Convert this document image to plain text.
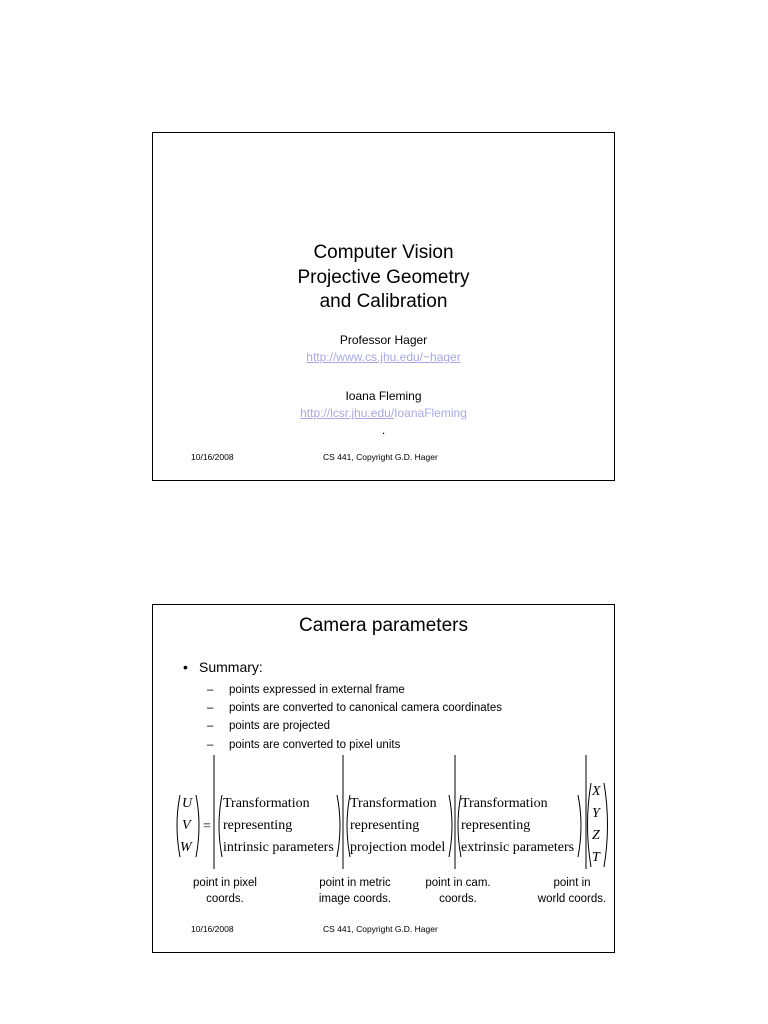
Computer Vision
Projective Geometry
and Calibration
Professor Hager
http://www.cs.jhu.edu/~hager
Ioana Fleming
http://lcsr.jhu.edu/IoanaFleming
.
10/16/2008	CS 441, Copyright G.D. Hager
Camera parameters
• Summary:
– points expressed in external frame
– points are converted to canonical camera coordinates
– points are projected
– points are converted to pixel units
U
V
W
=
Transformation
representing
intrinsic parameters
Transformation
representing
projection model
Transformation
representing
extrinsic parameters
X
Y
Z
T
point in pixel
coords.
point in metric
image coords.
point in cam.
coords.
point in
world coords.
10/16/2008	CS 441, Copyright G.D. Hager
